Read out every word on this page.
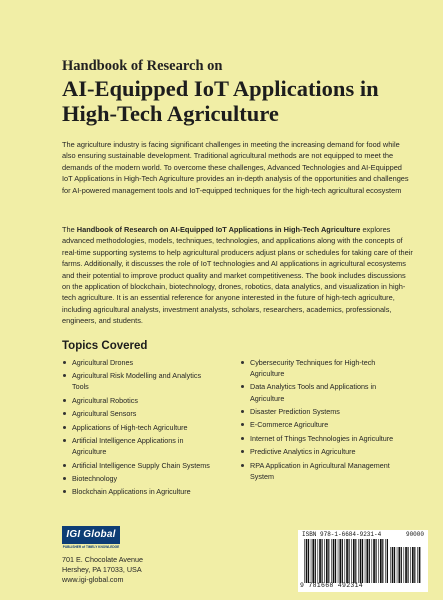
Handbook of Research on
AI-Equipped IoT Applications in High-Tech Agriculture
The agriculture industry is facing significant challenges in meeting the increasing demand for food while also ensuring sustainable development. Traditional agricultural methods are not equipped to meet the demands of the modern world. To overcome these challenges, Advanced Technologies and AI-Equipped IoT Applications in High-Tech Agriculture provides an in-depth analysis of the opportunities and challenges for AI-powered management tools and IoT-equipped techniques for the high-tech agricultural ecosystem
The Handbook of Research on AI-Equipped IoT Applications in High-Tech Agriculture explores advanced methodologies, models, techniques, technologies, and applications along with the concepts of real-time supporting systems to help agricultural producers adjust plans or schedules for taking care of their farms. Additionally, it discusses the role of IoT technologies and AI applications in agricultural ecosystems and their potential to improve product quality and market competitiveness. The book includes discussions on the application of blockchain, biotechnology, drones, robotics, data analytics, and visualization in high-tech agriculture. It is an essential reference for anyone interested in the future of high-tech agriculture, including agricultural analysts, investment analysts, scholars, researchers, academics, professionals, engineers, and students.
Topics Covered
Agricultural Drones
Agricultural Risk Modelling and Analytics Tools
Agricultural Robotics
Agricultural Sensors
Applications of High-tech Agriculture
Artificial Intelligence Applications in Agriculture
Artificial Intelligence Supply Chain Systems
Biotechnology
Blockchain Applications in Agriculture
Cybersecurity Techniques for High-tech Agriculture
Data Analytics Tools and Applications in Agriculture
Disaster Prediction Systems
E-Commerce Agriculture
Internet of Things Technologies in Agriculture
Predictive Analytics in Agriculture
RPA Application in Agricultural Management System
IGI Global
PUBLISHER of TIMELY KNOWLEDGE
701 E. Chocolate Avenue
Hershey, PA 17033, USA
www.igi-global.com
ISBN 978-1-6684-9231-4	90000
9 781668 492314
